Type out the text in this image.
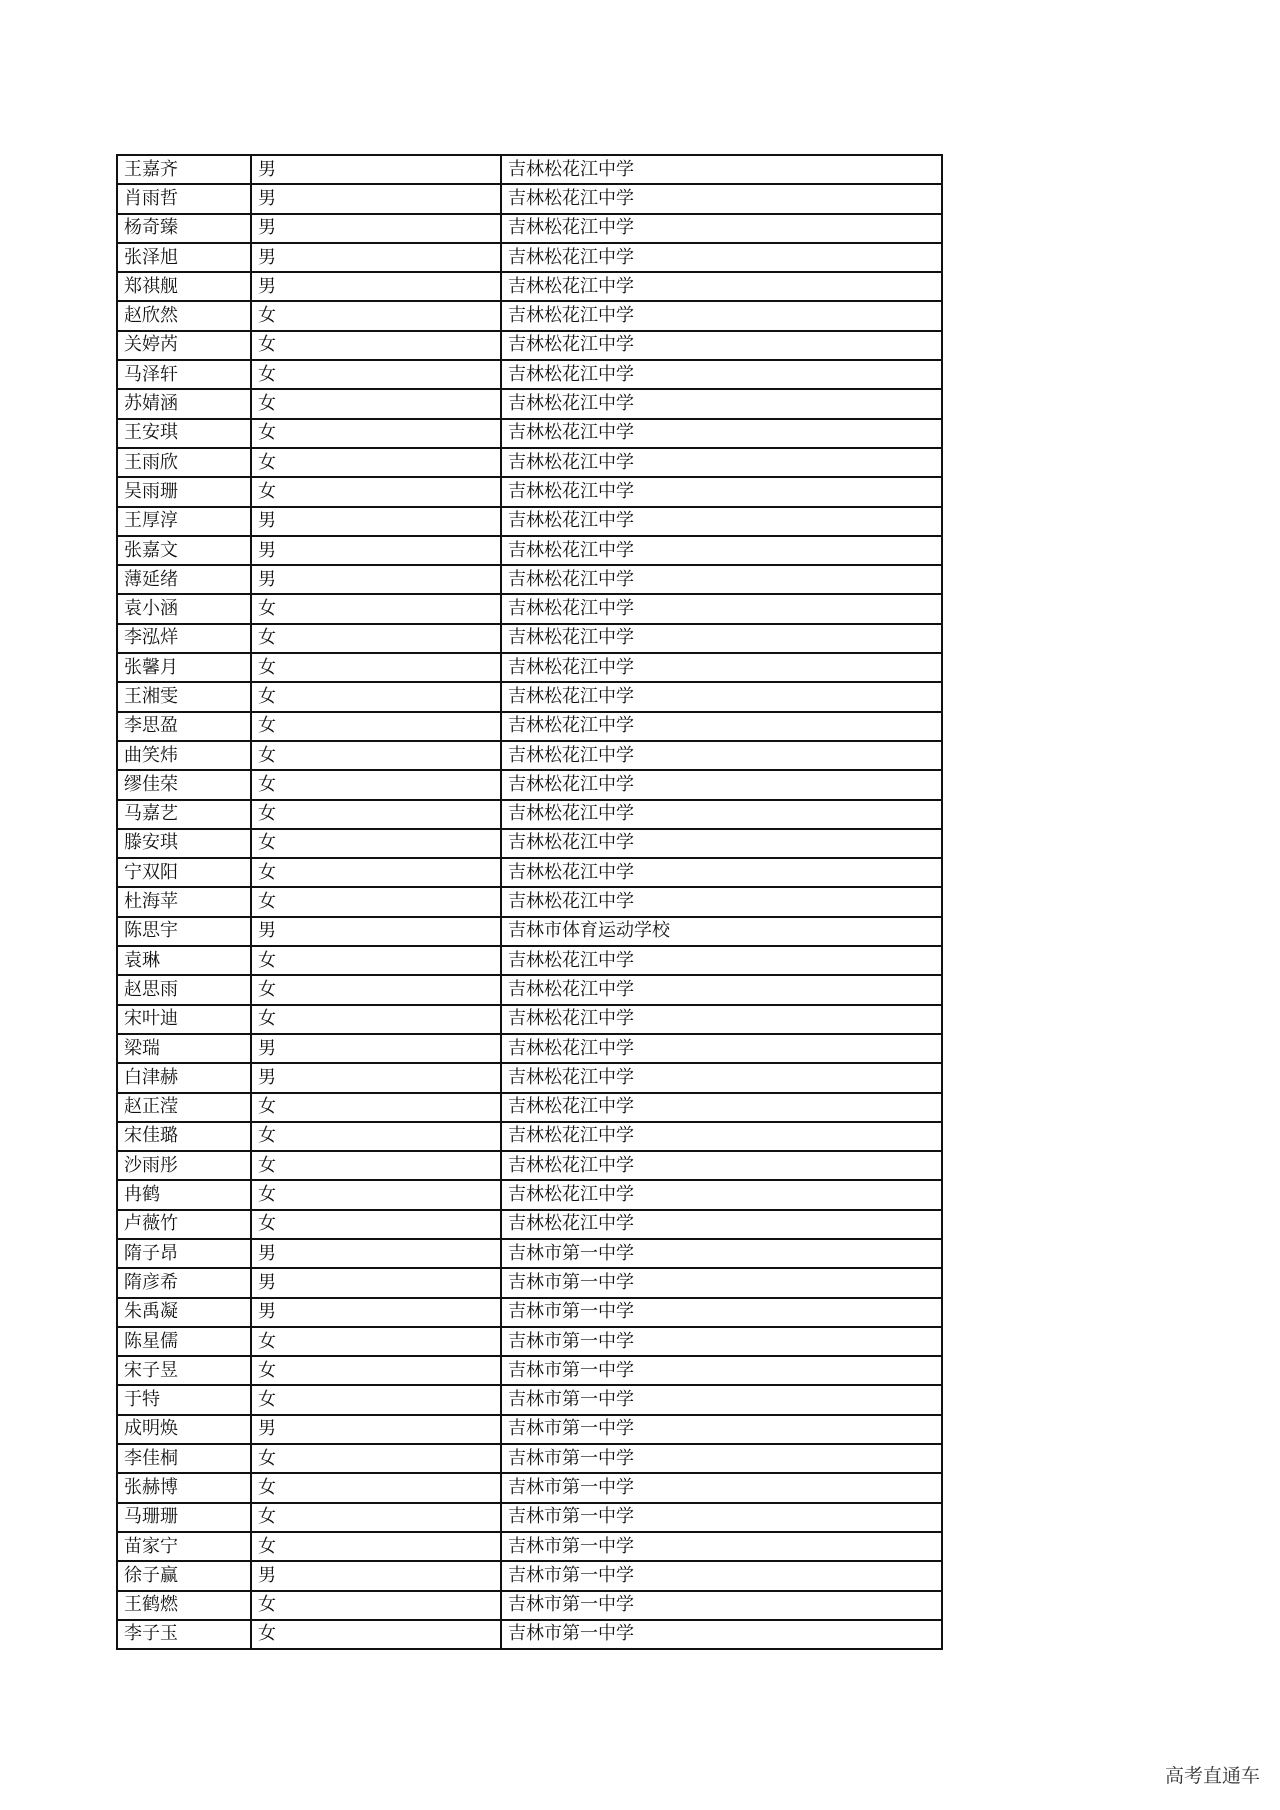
王嘉齐	男	吉林松花江中学
肖雨哲	男	吉林松花江中学
杨奇臻	男	吉林松花江中学
张泽旭	男	吉林松花江中学
郑祺舰	男	吉林松花江中学
赵欣然	女	吉林松花江中学
关婷芮	女	吉林松花江中学
马泽轩	女	吉林松花江中学
苏婧涵	女	吉林松花江中学
王安琪	女	吉林松花江中学
王雨欣	女	吉林松花江中学
吴雨珊	女	吉林松花江中学
王厚淳	男	吉林松花江中学
张嘉文	男	吉林松花江中学
薄延绪	男	吉林松花江中学
袁小涵	女	吉林松花江中学
李泓烊	女	吉林松花江中学
张馨月	女	吉林松花江中学
王湘雯	女	吉林松花江中学
李思盈	女	吉林松花江中学
曲笑炜	女	吉林松花江中学
缪佳荣	女	吉林松花江中学
马嘉艺	女	吉林松花江中学
滕安琪	女	吉林松花江中学
宁双阳	女	吉林松花江中学
杜海苹	女	吉林松花江中学
陈思宇	男	吉林市体育运动学校
袁琳	女	吉林松花江中学
赵思雨	女	吉林松花江中学
宋叶迪	女	吉林松花江中学
梁瑞	男	吉林松花江中学
白津赫	男	吉林松花江中学
赵正滢	女	吉林松花江中学
宋佳璐	女	吉林松花江中学
沙雨彤	女	吉林松花江中学
冉鹤	女	吉林松花江中学
卢薇竹	女	吉林松花江中学
隋子昂	男	吉林市第一中学
隋彦希	男	吉林市第一中学
朱禹凝	男	吉林市第一中学
陈星儒	女	吉林市第一中学
宋子昱	女	吉林市第一中学
于特	女	吉林市第一中学
成明焕	男	吉林市第一中学
李佳桐	女	吉林市第一中学
张赫博	女	吉林市第一中学
马珊珊	女	吉林市第一中学
苗家宁	女	吉林市第一中学
徐子赢	男	吉林市第一中学
王鹤燃	女	吉林市第一中学
李子玉	女	吉林市第一中学
高考直通车
